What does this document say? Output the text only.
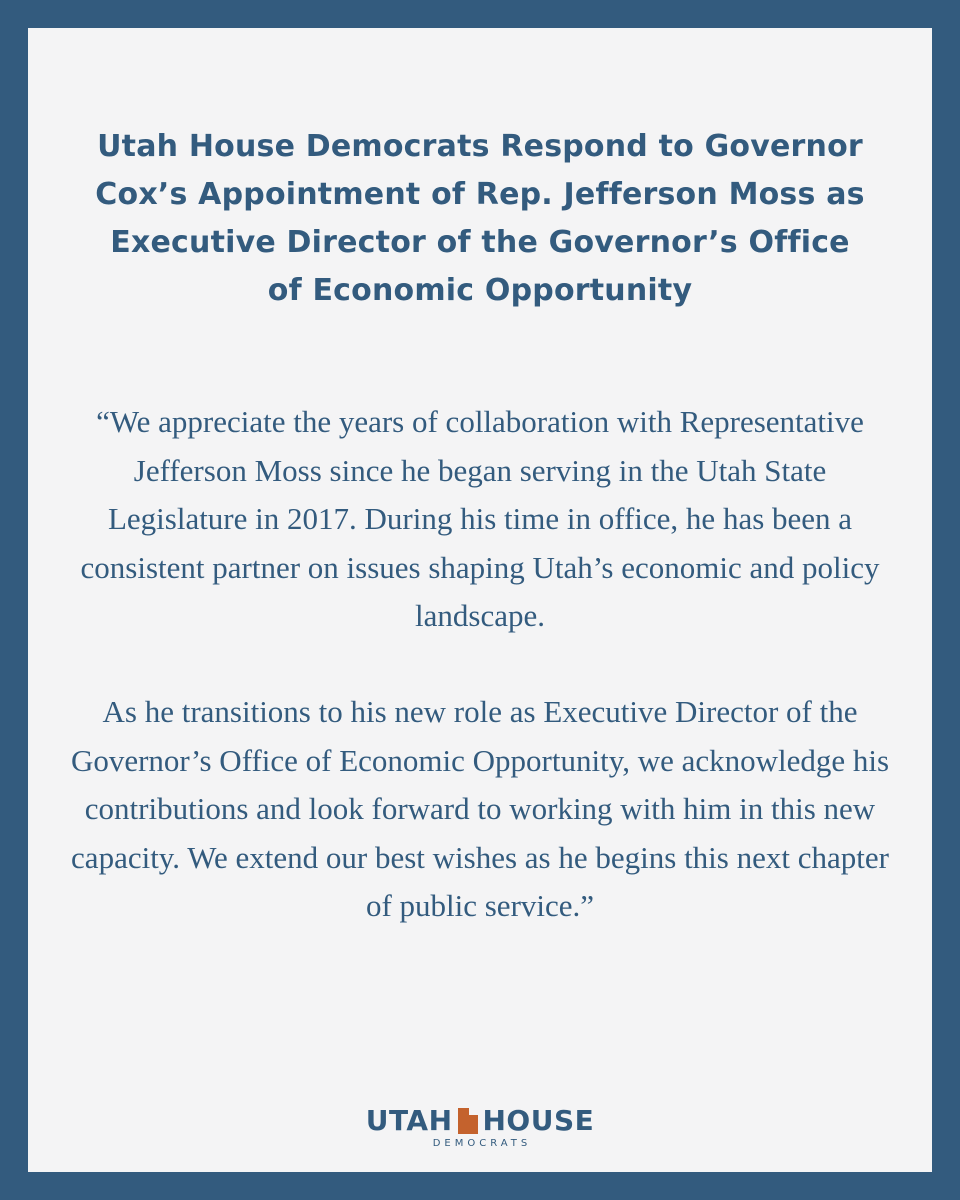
Utah House Democrats Respond to Governor Cox’s Appointment of Rep. Jefferson Moss as Executive Director of the Governor’s Office of Economic Opportunity

“We appreciate the years of collaboration with Representative Jefferson Moss since he began serving in the Utah State Legislature in 2017. During his time in office, he has been a consistent partner on issues shaping Utah’s economic and policy landscape.

As he transitions to his new role as Executive Director of the Governor’s Office of Economic Opportunity, we acknowledge his contributions and look forward to working with him in this new capacity. We extend our best wishes as he begins this next chapter of public service.”

UTAH HOUSE
DEMOCRATS
